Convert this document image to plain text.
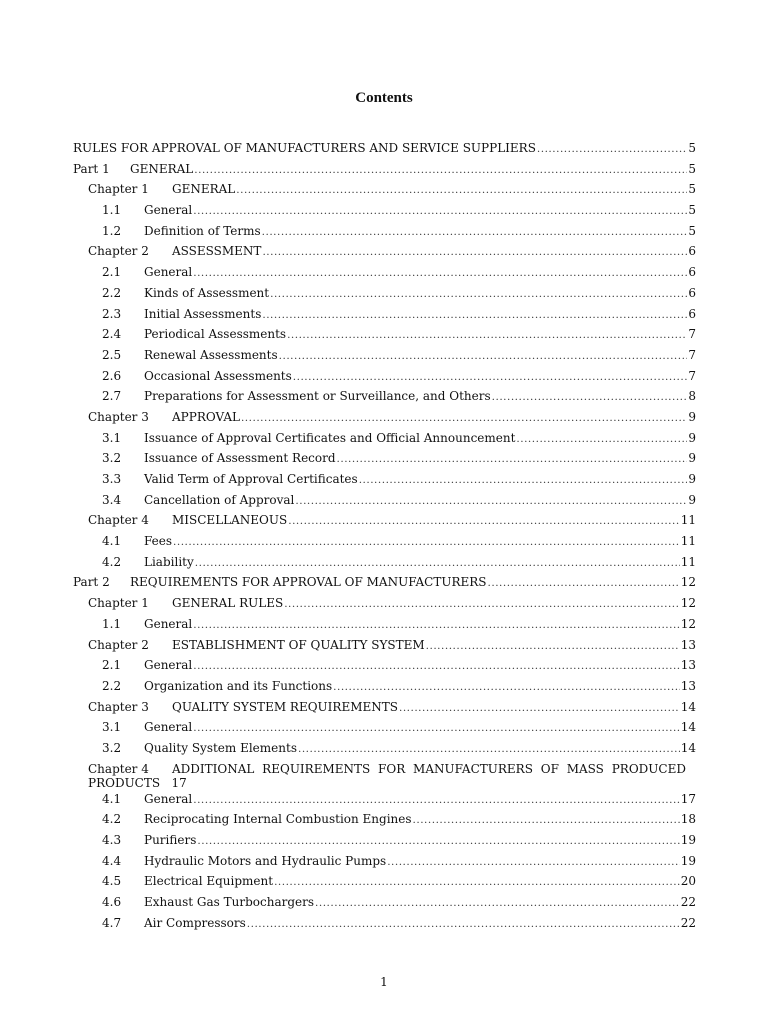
Contents
RULES FOR APPROVAL OF MANUFACTURERS AND SERVICE SUPPLIERS .....	5
Part 1	GENERAL .....	5
Chapter 1	GENERAL .....	5
1.1	General .....	5
1.2	Definition of Terms .....	5
Chapter 2	ASSESSMENT .....	6
2.1	General .....	6
2.2	Kinds of Assessment .....	6
2.3	Initial Assessments .....	6
2.4	Periodical Assessments .....	7
2.5	Renewal Assessments .....	7
2.6	Occasional Assessments .....	7
2.7	Preparations for Assessment or Surveillance, and Others .....	8
Chapter 3	APPROVAL .....	9
3.1	Issuance of Approval Certificates and Official Announcement .....	9
3.2	Issuance of Assessment Record .....	9
3.3	Valid Term of Approval Certificates .....	9
3.4	Cancellation of Approval .....	9
Chapter 4	MISCELLANEOUS .....	11
4.1	Fees .....	11
4.2	Liability .....	11
Part 2	REQUIREMENTS FOR APPROVAL OF MANUFACTURERS .....	12
Chapter 1	GENERAL RULES .....	12
1.1	General .....	12
Chapter 2	ESTABLISHMENT OF QUALITY SYSTEM .....	13
2.1	General .....	13
2.2	Organization and its Functions .....	13
Chapter 3	QUALITY SYSTEM REQUIREMENTS .....	14
3.1	General .....	14
3.2	Quality System Elements .....	14
Chapter 4	ADDITIONAL REQUIREMENTS FOR MANUFACTURERS OF MASS PRODUCED
PRODUCTS 17
4.1	General .....	17
4.2	Reciprocating Internal Combustion Engines .....	18
4.3	Purifiers .....	19
4.4	Hydraulic Motors and Hydraulic Pumps .....	19
4.5	Electrical Equipment .....	20
4.6	Exhaust Gas Turbochargers .....	22
4.7	Air Compressors .....	22
1
